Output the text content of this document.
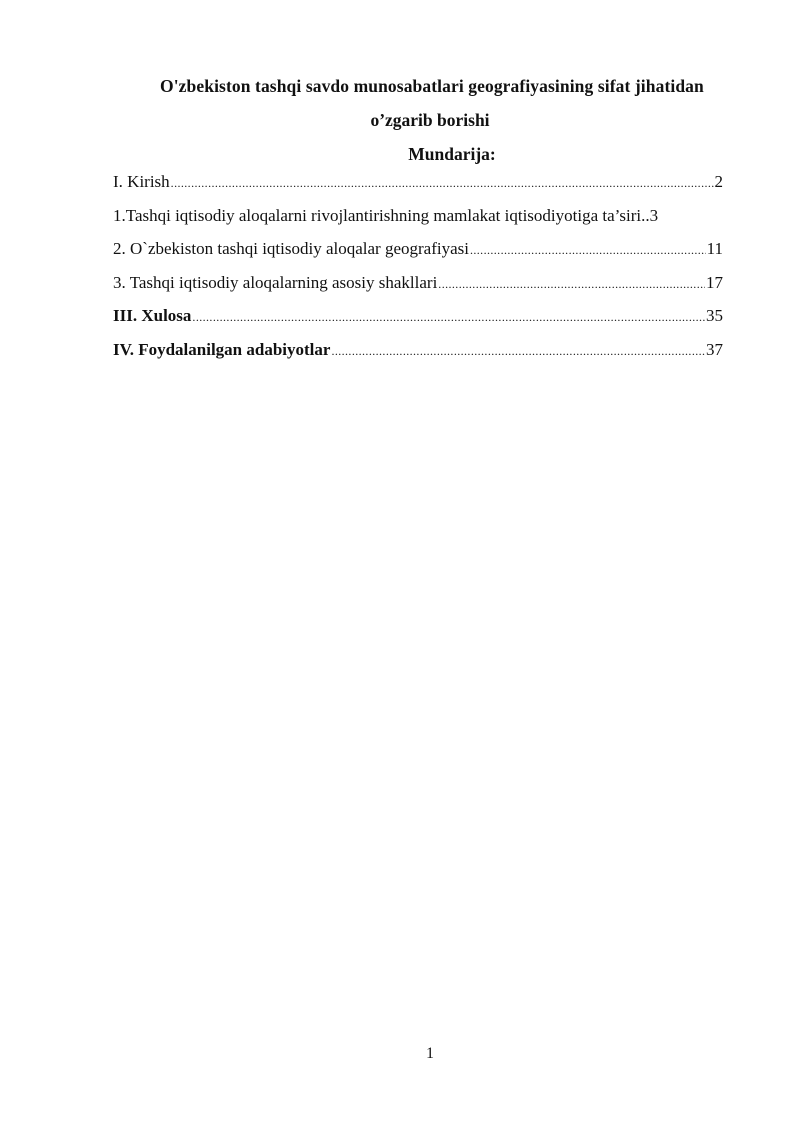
O'zbekiston tashqi savdo munosabatlari geografiyasining sifat jihatidan
o’zgarib borishi
Mundarija:
I. Kirish .....	2
1.Tashqi iqtisodiy aloqalarni rivojlantirishning mamlakat iqtisodiyotiga ta’siri.. 3
2. O`zbekiston tashqi iqtisodiy aloqalar geografiyasi .....	11
3. Tashqi iqtisodiy aloqalarning asosiy shakllari .....	17
III. Xulosa .....	35
IV. Foydalanilgan adabiyotlar .....	37
1
